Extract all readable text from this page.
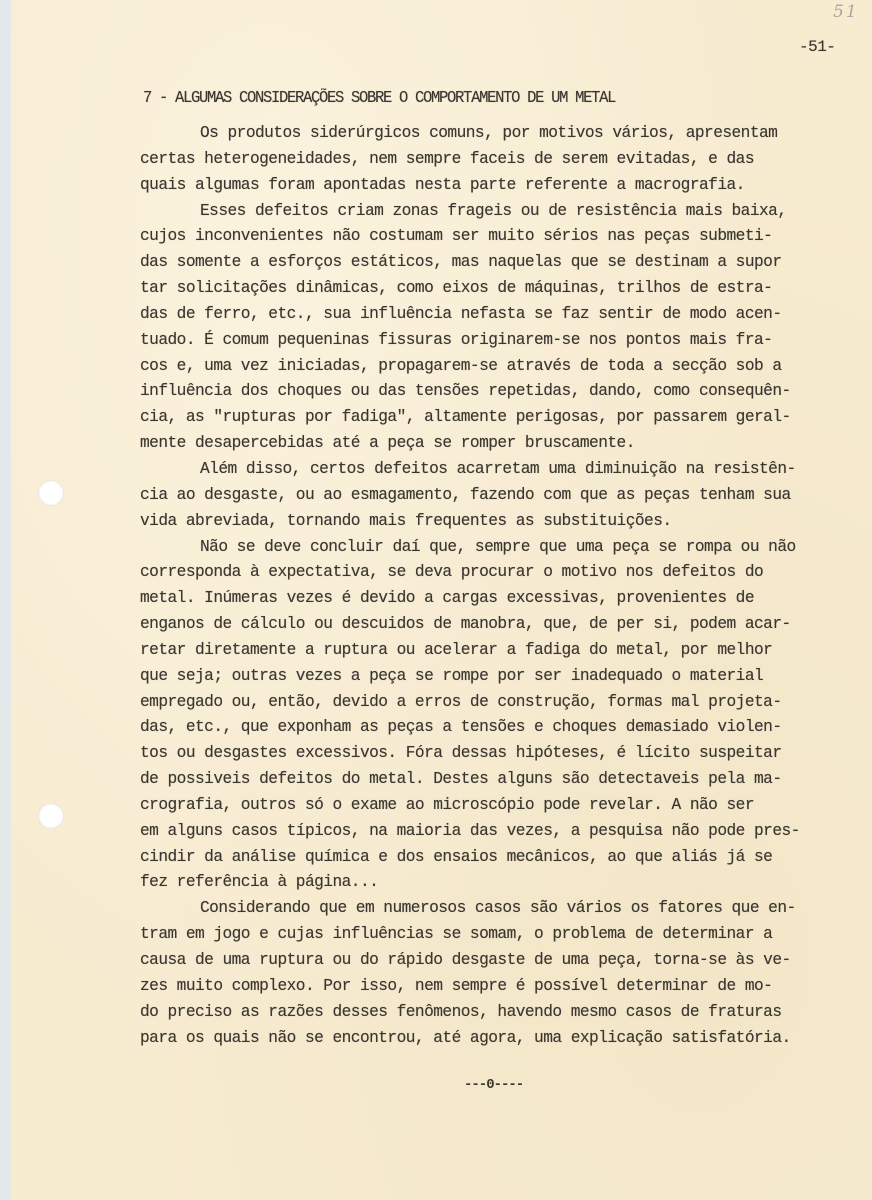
51
-51-
7 - ALGUMAS CONSIDERAÇÕES SOBRE O COMPORTAMENTO DE UM METAL
Os produtos siderúrgicos comuns, por motivos vários, apresentam
certas heterogeneidades, nem sempre faceis de serem evitadas, e das
quais algumas foram apontadas nesta parte referente a macrografia.
Esses defeitos criam zonas frageis ou de resistência mais baixa,
cujos inconvenientes não costumam ser muito sérios nas peças submeti-
das somente a esforços estáticos, mas naquelas que se destinam a supor
tar solicitações dinâmicas, como eixos de máquinas, trilhos de estra-
das de ferro, etc., sua influência nefasta se faz sentir de modo acen-
tuado. É comum pequeninas fissuras originarem-se nos pontos mais fra-
cos e, uma vez iniciadas, propagarem-se através de toda a secção sob a
influência dos choques ou das tensões repetidas, dando, como consequên-
cia, as "rupturas por fadiga", altamente perigosas, por passarem geral-
mente desapercebidas até a peça se romper bruscamente.
Além disso, certos defeitos acarretam uma diminuição na resistên-
cia ao desgaste, ou ao esmagamento, fazendo com que as peças tenham sua
vida abreviada, tornando mais frequentes as substituições.
Não se deve concluir daí que, sempre que uma peça se rompa ou não
corresponda à expectativa, se deva procurar o motivo nos defeitos do
metal. Inúmeras vezes é devido a cargas excessivas, provenientes de
enganos de cálculo ou descuidos de manobra, que, de per si, podem acar-
retar diretamente a ruptura ou acelerar a fadiga do metal, por melhor
que seja; outras vezes a peça se rompe por ser inadequado o material
empregado ou, então, devido a erros de construção, formas mal projeta-
das, etc., que exponham as peças a tensões e choques demasiado violen-
tos ou desgastes excessivos. Fóra dessas hipóteses, é lícito suspeitar
de possiveis defeitos do metal. Destes alguns são detectaveis pela ma-
crografia, outros só o exame ao microscópio pode revelar. A não ser
em alguns casos típicos, na maioria das vezes, a pesquisa não pode pres-
cindir da análise química e dos ensaios mecânicos, ao que aliás já se
fez referência à página...
Considerando que em numerosos casos são vários os fatores que en-
tram em jogo e cujas influências se somam, o problema de determinar a
causa de uma ruptura ou do rápido desgaste de uma peça, torna-se às ve-
zes muito complexo. Por isso, nem sempre é possível determinar de mo-
do preciso as razões desses fenômenos, havendo mesmo casos de fraturas
para os quais não se encontrou, até agora, uma explicação satisfatória.
---0----
